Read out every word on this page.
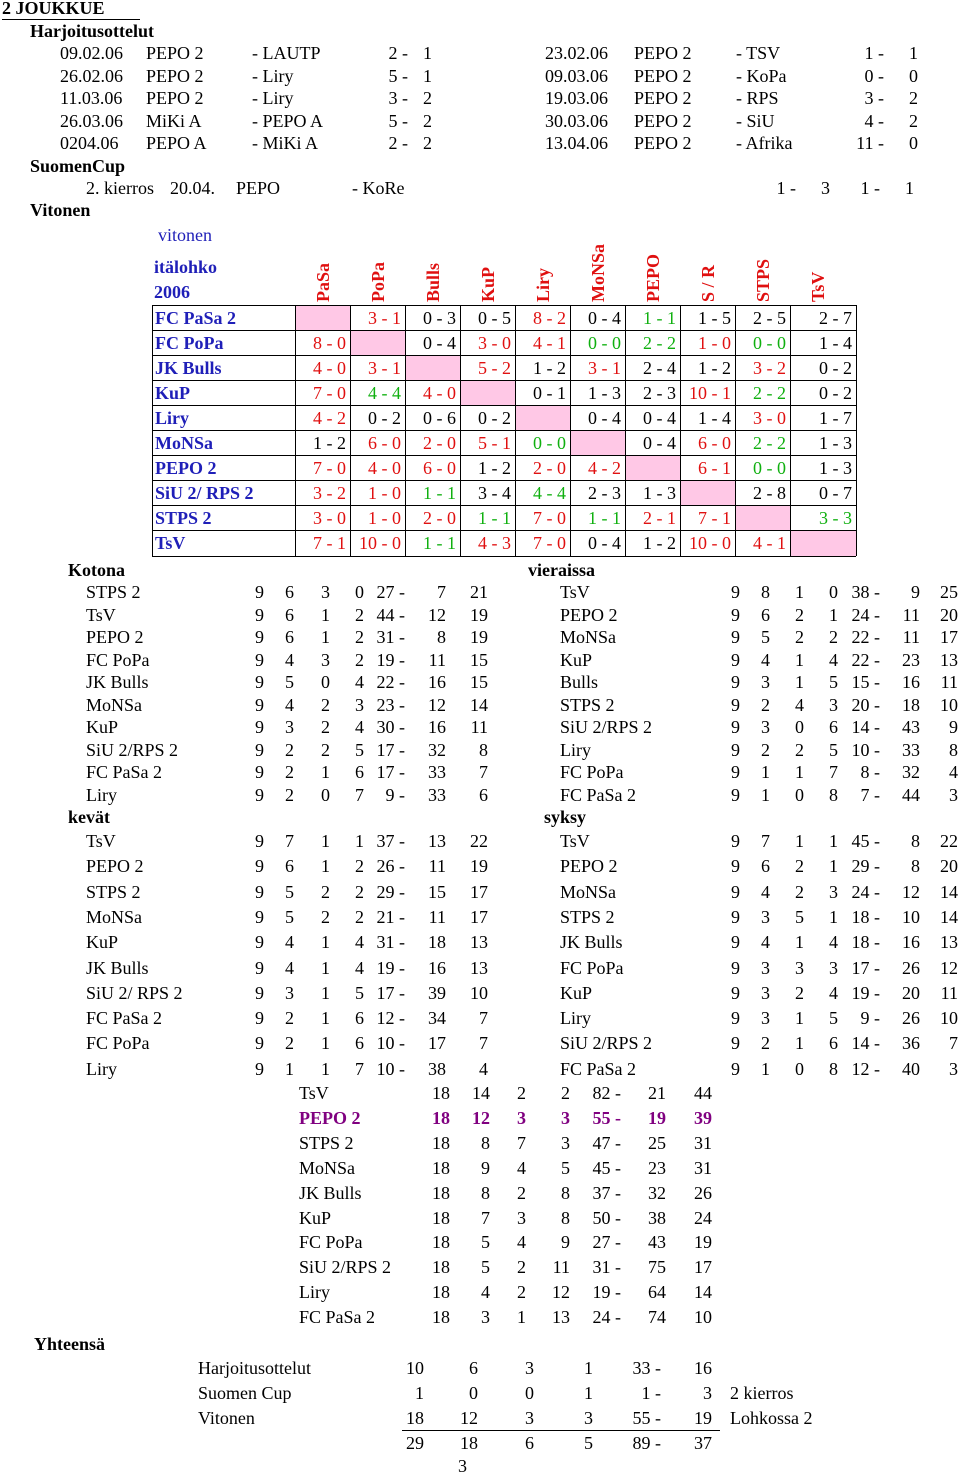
2 JOUKKUE
Harjoitusottelut
09.02.06 PEPO 2	- LAUTP	2 - 1
26.02.06 PEPO 2	- Liry	5 - 1
11.03.06 PEPO 2	- Liry	3 - 2
26.03.06 MiKi A	- PEPO A	5 - 2
0204.06 PEPO A	- MiKi A	2 - 2
23.02.06 PEPO 2 - TSV	1 -	1
09.03.06 PEPO 2 - KoPa	0 -	0
19.03.06 PEPO 2 - RPS	3 -	2
30.03.06 PEPO 2 - SiU	4 -	2
13.04.06 PEPO 2 - Afrika	11 -	0
SuomenCup
2. kierros 20.04. PEPO	- KoRe	1 -	3	1 -	1
Vitonen
vitonen
itälohko
2006	PaSa PoPa Bulls KuP Liry MoNSa PEPO S / R STPS TsV
FC PaSa 2	3 - 1	0 - 3	0 - 5	8 - 2	0 - 4	1 - 1	1 - 5	2 - 5	2 - 7
FC PoPa	8 - 0	0 - 4	3 - 0	4 - 1	0 - 0	2 - 2	1 - 0	0 - 0	1 - 4
JK Bulls	4 - 0	3 - 1	5 - 2	1 - 2	3 - 1	2 - 4	1 - 2	3 - 2	0 - 2
KuP	7 - 0	4 - 4	4 - 0	0 - 1	1 - 3	2 - 3 10 - 1	2 - 2	0 - 2
Liry	4 - 2	0 - 2	0 - 6	0 - 2	0 - 4	0 - 4	1 - 4	3 - 0	1 - 7
MoNSa	1 - 2	6 - 0	2 - 0	5 - 1	0 - 0	0 - 4	6 - 0	2 - 2	1 - 3
PEPO 2	7 - 0	4 - 0	6 - 0	1 - 2	2 - 0	4 - 2	6 - 1	0 - 0	1 - 3
SiU 2/ RPS 2	3 - 2	1 - 0	1 - 1	3 - 4	4 - 4	2 - 3	1 - 3	2 - 8	0 - 7
STPS 2	3 - 0	1 - 0	2 - 0	1 - 1	7 - 0	1 - 1	2 - 1	7 - 1	3 - 3
TsV	7 - 1 10 - 0	1 - 1	4 - 3	7 - 0	0 - 4	1 - 2 10 - 0	4 - 1
Kotona	vieraissa
STPS 2	9	6	3	0 27 -	7	21
TsV	9	6	1	2 44 -	12	19
PEPO 2	9	6	1	2 31 -	8	19
FC PoPa	9	4	3	2 19 -	11	15
JK Bulls	9	5	0	4 22 -	16	15
MoNSa	9	4	2	3 23 -	12	14
KuP	9	3	2	4 30 -	16	11
SiU 2/RPS 2	9	2	2	5 17 -	32	8
FC PaSa 2	9	2	1	6 17 -	33	7
Liry	9	2	0	7	9 -	33	6
TsV	9	8	1	0 38 -	9	25
PEPO 2	9	6	2	1 24 -	11	20
MoNSa	9	5	2	2 22 -	11	17
KuP	9	4	1	4 22 -	23	13
Bulls	9	3	1	5 15 -	16	11
STPS 2	9	2	4	3 20 -	18	10
SiU 2/RPS 2	9	3	0	6 14 -	43	9
Liry	9	2	2	5 10 -	33	8
FC PoPa	9	1	1	7	8 -	32	4
FC PaSa 2	9	1	0	8	7 -	44	3
kevät	syksy
TsV	9	7	1	1 37 -	13	22
PEPO 2	9	6	1	2 26 -	11	19
STPS 2	9	5	2	2 29 -	15	17
MoNSa	9	5	2	2 21 -	11	17
KuP	9	4	1	4 31 -	18	13
JK Bulls	9	4	1	4 19 -	16	13
SiU 2/ RPS 2	9	3	1	5 17 -	39	10
FC PaSa 2	9	2	1	6 12 -	34	7
FC PoPa	9	2	1	6 10 -	17	7
Liry	9	1	1	7 10 -	38	4
TsV	9	7	1	1 45 -	8	22
PEPO 2	9	6	2	1 29 -	8	20
MoNSa	9	4	2	3 24 -	12	14
STPS 2	9	3	5	1 18 -	10	14
JK Bulls	9	4	1	4 18 -	16	13
FC PoPa	9	3	3	3 17 -	26	12
KuP	9	3	2	4 19 -	20	11
Liry	9	3	1	5	9 -	26	10
SiU 2/RPS 2	9	2	1	6 14 -	36	7
FC PaSa 2	9	1	0	8 12 -	40	3
TsV	18	14	2	2	82 -	21	44
PEPO 2	18	12	3	3	55 -	19	39
STPS 2	18	8	7	3	47 -	25	31
MoNSa	18	9	4	5	45 -	23	31
JK Bulls	18	8	2	8	37 -	32	26
KuP	18	7	3	8	50 -	38	24
FC PoPa	18	5	4	9	27 -	43	19
SiU 2/RPS 2	18	5	2	11	31 -	75	17
Liry	18	4	2	12	19 -	64	14
FC PaSa 2	18	3	1	13	24 -	74	10
Yhteensä
Harjoitusottelut	10	6	3	1	33 -	16
Suomen Cup	1	0	0	1	1 -	3 2 kierros
Vitonen	18	12	3	3	55 -	19 Lohkossa 2
29	18	6	5	89 -	37
3
